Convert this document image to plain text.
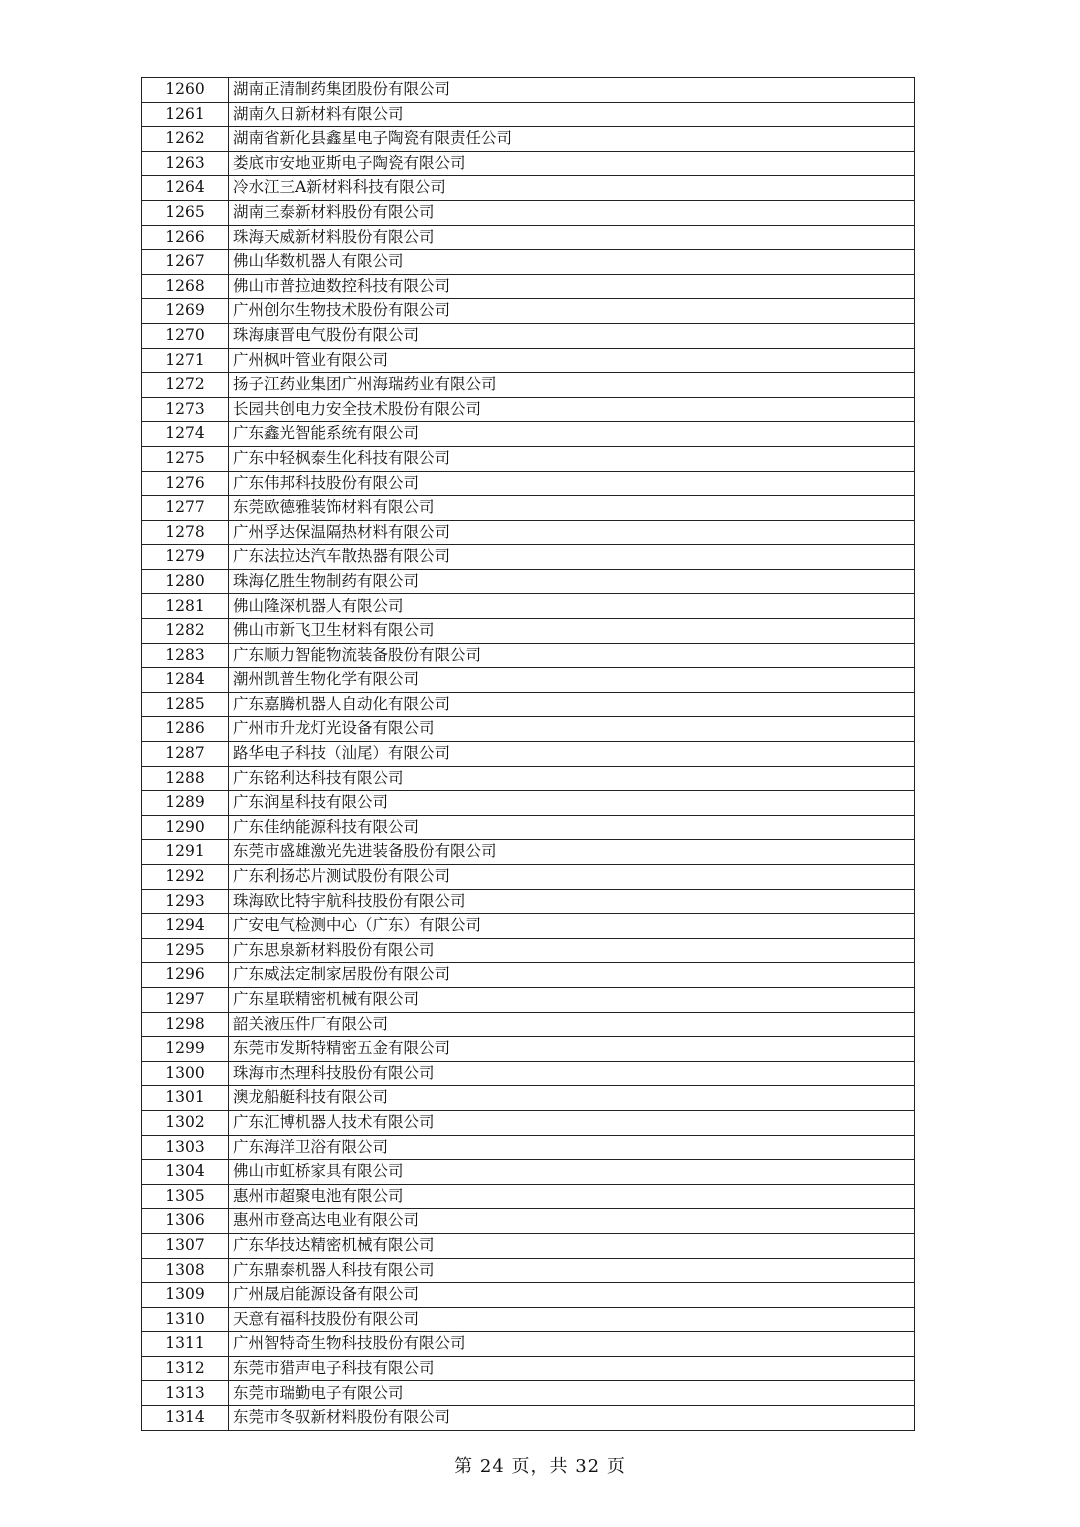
1260	湖南正清制药集团股份有限公司
1261	湖南久日新材料有限公司
1262	湖南省新化县鑫星电子陶瓷有限责任公司
1263	娄底市安地亚斯电子陶瓷有限公司
1264	冷水江三A新材料科技有限公司
1265	湖南三泰新材料股份有限公司
1266	珠海天威新材料股份有限公司
1267	佛山华数机器人有限公司
1268	佛山市普拉迪数控科技有限公司
1269	广州创尔生物技术股份有限公司
1270	珠海康晋电气股份有限公司
1271	广州枫叶管业有限公司
1272	扬子江药业集团广州海瑞药业有限公司
1273	长园共创电力安全技术股份有限公司
1274	广东鑫光智能系统有限公司
1275	广东中轻枫泰生化科技有限公司
1276	广东伟邦科技股份有限公司
1277	东莞欧德雅装饰材料有限公司
1278	广州孚达保温隔热材料有限公司
1279	广东法拉达汽车散热器有限公司
1280	珠海亿胜生物制药有限公司
1281	佛山隆深机器人有限公司
1282	佛山市新飞卫生材料有限公司
1283	广东顺力智能物流装备股份有限公司
1284	潮州凯普生物化学有限公司
1285	广东嘉腾机器人自动化有限公司
1286	广州市升龙灯光设备有限公司
1287	路华电子科技（汕尾）有限公司
1288	广东铭利达科技有限公司
1289	广东润星科技有限公司
1290	广东佳纳能源科技有限公司
1291	东莞市盛雄激光先进装备股份有限公司
1292	广东利扬芯片测试股份有限公司
1293	珠海欧比特宇航科技股份有限公司
1294	广安电气检测中心（广东）有限公司
1295	广东思泉新材料股份有限公司
1296	广东威法定制家居股份有限公司
1297	广东星联精密机械有限公司
1298	韶关液压件厂有限公司
1299	东莞市发斯特精密五金有限公司
1300	珠海市杰理科技股份有限公司
1301	澳龙船艇科技有限公司
1302	广东汇博机器人技术有限公司
1303	广东海洋卫浴有限公司
1304	佛山市虹桥家具有限公司
1305	惠州市超聚电池有限公司
1306	惠州市登高达电业有限公司
1307	广东华技达精密机械有限公司
1308	广东鼎泰机器人科技有限公司
1309	广州晟启能源设备有限公司
1310	天意有福科技股份有限公司
1311	广州智特奇生物科技股份有限公司
1312	东莞市猎声电子科技有限公司
1313	东莞市瑞勤电子有限公司
1314	东莞市冬驭新材料股份有限公司
第 24 页，共 32 页
